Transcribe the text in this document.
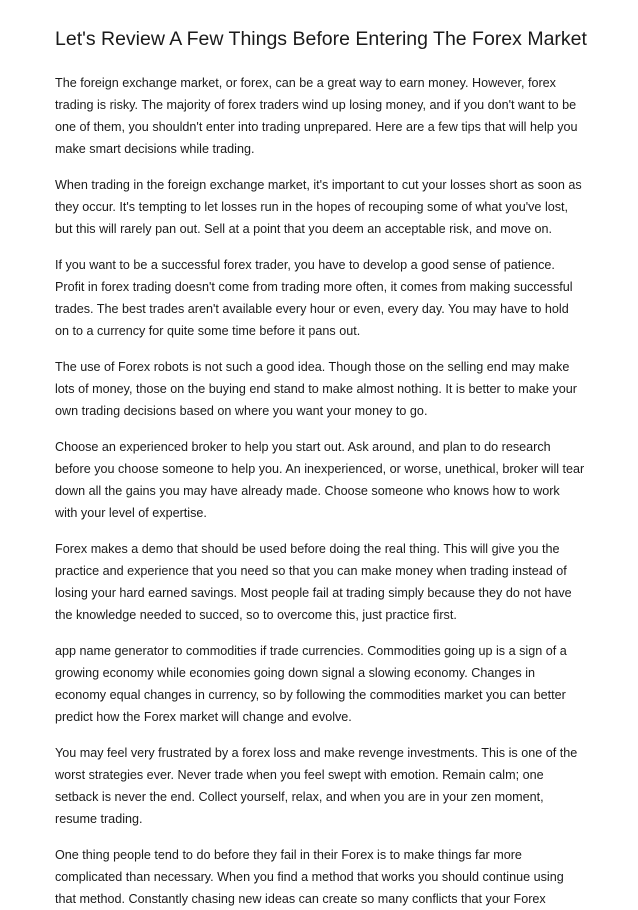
Let's Review A Few Things Before Entering The Forex Market

The foreign exchange market, or forex, can be a great way to earn money. However, forex trading is risky. The majority of forex traders wind up losing money, and if you don't want to be one of them, you shouldn't enter into trading unprepared. Here are a few tips that will help you make smart decisions while trading.

When trading in the foreign exchange market, it's important to cut your losses short as soon as they occur. It's tempting to let losses run in the hopes of recouping some of what you've lost, but this will rarely pan out. Sell at a point that you deem an acceptable risk, and move on.

If you want to be a successful forex trader, you have to develop a good sense of patience. Profit in forex trading doesn't come from trading more often, it comes from making successful trades. The best trades aren't available every hour or even, every day. You may have to hold on to a currency for quite some time before it pans out.

The use of Forex robots is not such a good idea. Though those on the selling end may make lots of money, those on the buying end stand to make almost nothing. It is better to make your own trading decisions based on where you want your money to go.

Choose an experienced broker to help you start out. Ask around, and plan to do research before you choose someone to help you. An inexperienced, or worse, unethical, broker will tear down all the gains you may have already made. Choose someone who knows how to work with your level of expertise.

Forex makes a demo that should be used before doing the real thing. This will give you the practice and experience that you need so that you can make money when trading instead of losing your hard earned savings. Most people fail at trading simply because they do not have the knowledge needed to succed, so to overcome this, just practice first.

app name generator to commodities if trade currencies. Commodities going up is a sign of a growing economy while economies going down signal a slowing economy. Changes in economy equal changes in currency, so by following the commodities market you can better predict how the Forex market will change and evolve.

You may feel very frustrated by a forex loss and make revenge investments. This is one of the worst strategies ever. Never trade when you feel swept with emotion. Remain calm; one setback is never the end. Collect yourself, relax, and when you are in your zen moment, resume trading.

One thing people tend to do before they fail in their Forex is to make things far more complicated than necessary. When you find a method that works you should continue using that method. Constantly chasing new ideas can create so many conflicts that your Forex
